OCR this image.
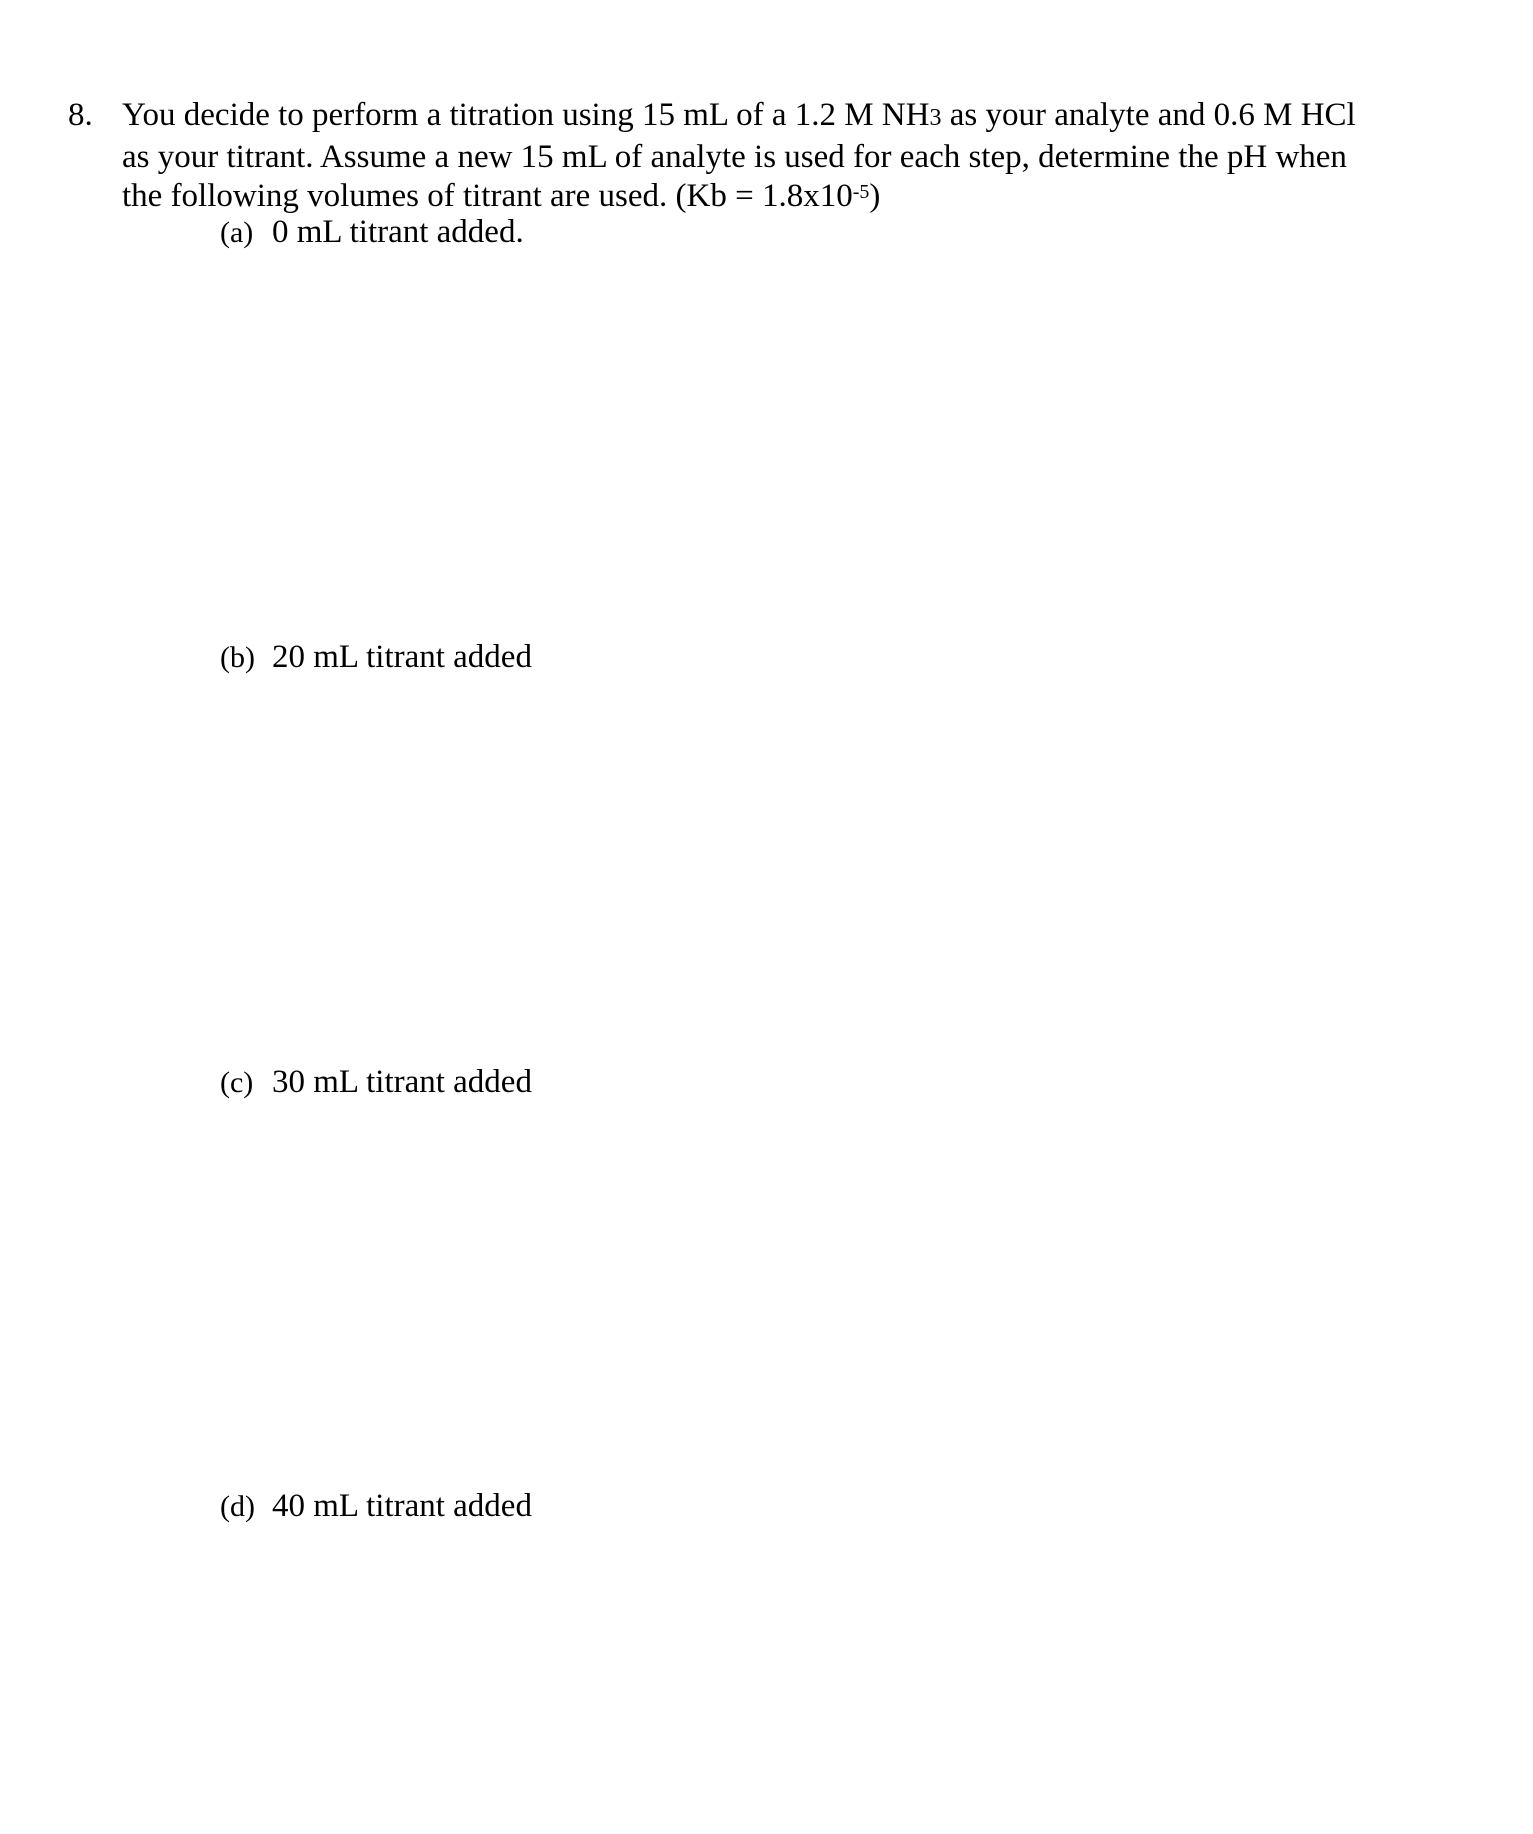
8. You decide to perform a titration using 15 mL of a 1.2 M NH3 as your analyte and 0.6 M HCl
as your titrant. Assume a new 15 mL of analyte is used for each step, determine the pH when
the following volumes of titrant are used. $(Kb = 1.8x10^{-5})$
(a) 0 mL titrant added.
(b) 20 mL titrant added
(c) 30 mL titrant added
(d) 40 mL titrant added
